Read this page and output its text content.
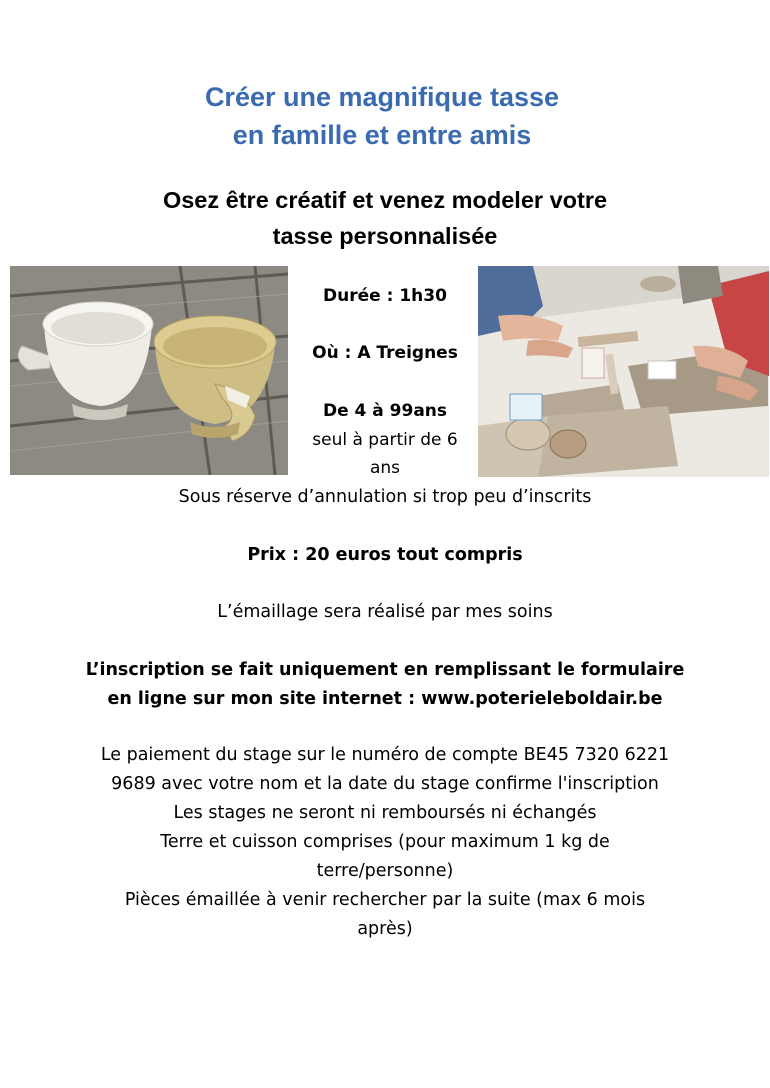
Créer une magnifique tasse
en famille et entre amis
Osez être créatif et venez modeler votre
tasse personnalisée
Durée : 1h30
Où : A Treignes
De 4 à 99ans
seul à partir de 6
ans
Sous réserve d’annulation si trop peu d’inscrits
Prix : 20 euros tout compris
L’émaillage sera réalisé par mes soins
L’inscription se fait uniquement en remplissant le formulaire
en ligne sur mon site internet : www.poterieleboldair.be
Le paiement du stage sur le numéro de compte BE45 7320 6221
9689 avec votre nom et la date du stage confirme l'inscription
Les stages ne seront ni remboursés ni échangés
Terre et cuisson comprises (pour maximum 1 kg de
terre/personne)
Pièces émaillée à venir rechercher par la suite (max 6 mois
après)
